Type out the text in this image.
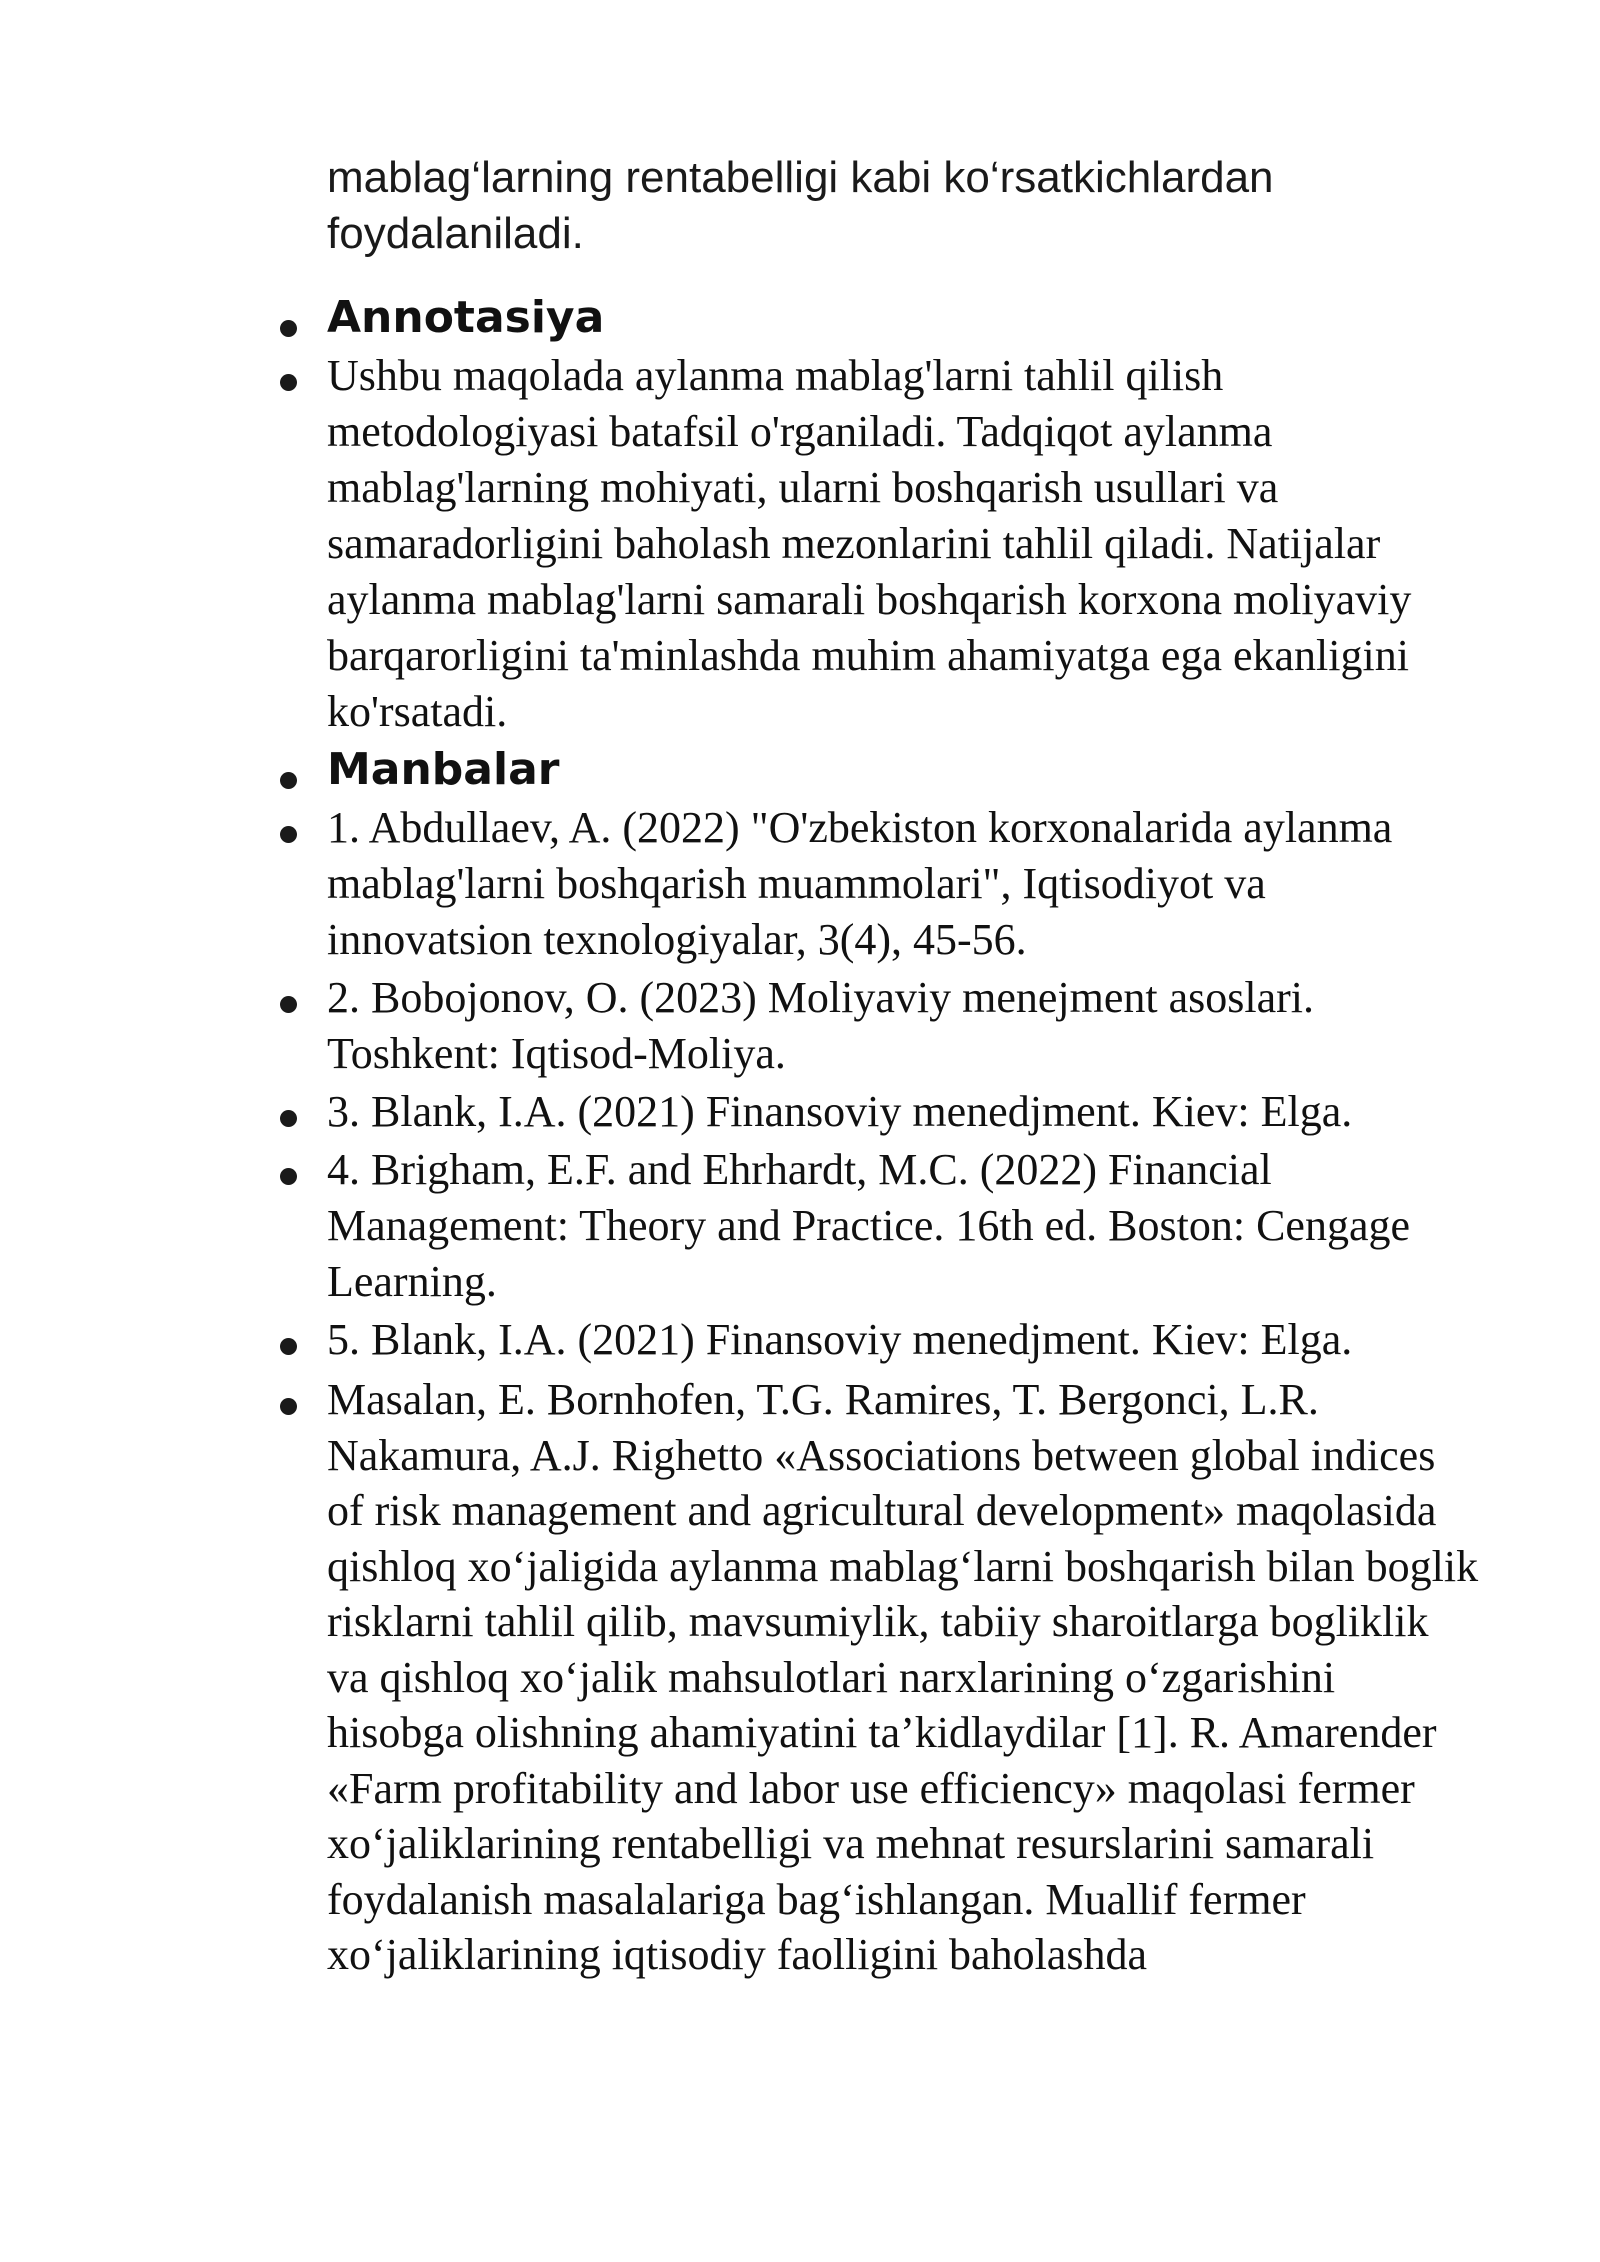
mablag‘larning rentabelligi kabi ko‘rsatkichlardan foydalaniladi.
Annotasiya
Ushbu maqolada aylanma mablag'larni tahlil qilish metodologiyasi batafsil o'rganiladi. Tadqiqot aylanma mablag'larning mohiyati, ularni boshqarish usullari va samaradorligini baholash mezonlarini tahlil qiladi. Natijalar aylanma mablag'larni samarali boshqarish korxona moliyaviy barqarorligini ta'minlashda muhim ahamiyatga ega ekanligini ko'rsatadi.
Manbalar
1. Abdullaev, A. (2022) "O'zbekiston korxonalarida aylanma mablag'larni boshqarish muammolari", Iqtisodiyot va innovatsion texnologiyalar, 3(4), 45-56.
2. Bobojonov, O. (2023) Moliyaviy menejment asoslari. Toshkent: Iqtisod-Moliya.
3. Blank, I.A. (2021) Finansoviy menedjment. Kiev: Elga.
4. Brigham, E.F. and Ehrhardt, M.C. (2022) Financial Management: Theory and Practice. 16th ed. Boston: Cengage Learning.
5. Blank, I.A. (2021) Finansoviy menedjment. Kiev: Elga.
Masalan, E. Bornhofen, T.G. Ramires, T. Bergonci, L.R. Nakamura, A.J. Righetto «Associations between global indices of risk management and agricultural development» maqolasida qishloq xo‘jaligida aylanma mablag‘larni boshqarish bilan boglik risklarni tahlil qilib, mavsumiylik, tabiiy sharoitlarga bogliklik va qishloq xo‘jalik mahsulotlari narxlarining o‘zgarishini hisobga olishning ahamiyatini ta’kidlaydilar [1]. R. Amarender «Farm profitability and labor use efficiency» maqolasi fermer xo‘jaliklarining rentabelligi va mehnat resurslarini samarali foydalanish masalalariga bag‘ishlangan. Muallif fermer xo‘jaliklarining iqtisodiy faolligini baholashda
